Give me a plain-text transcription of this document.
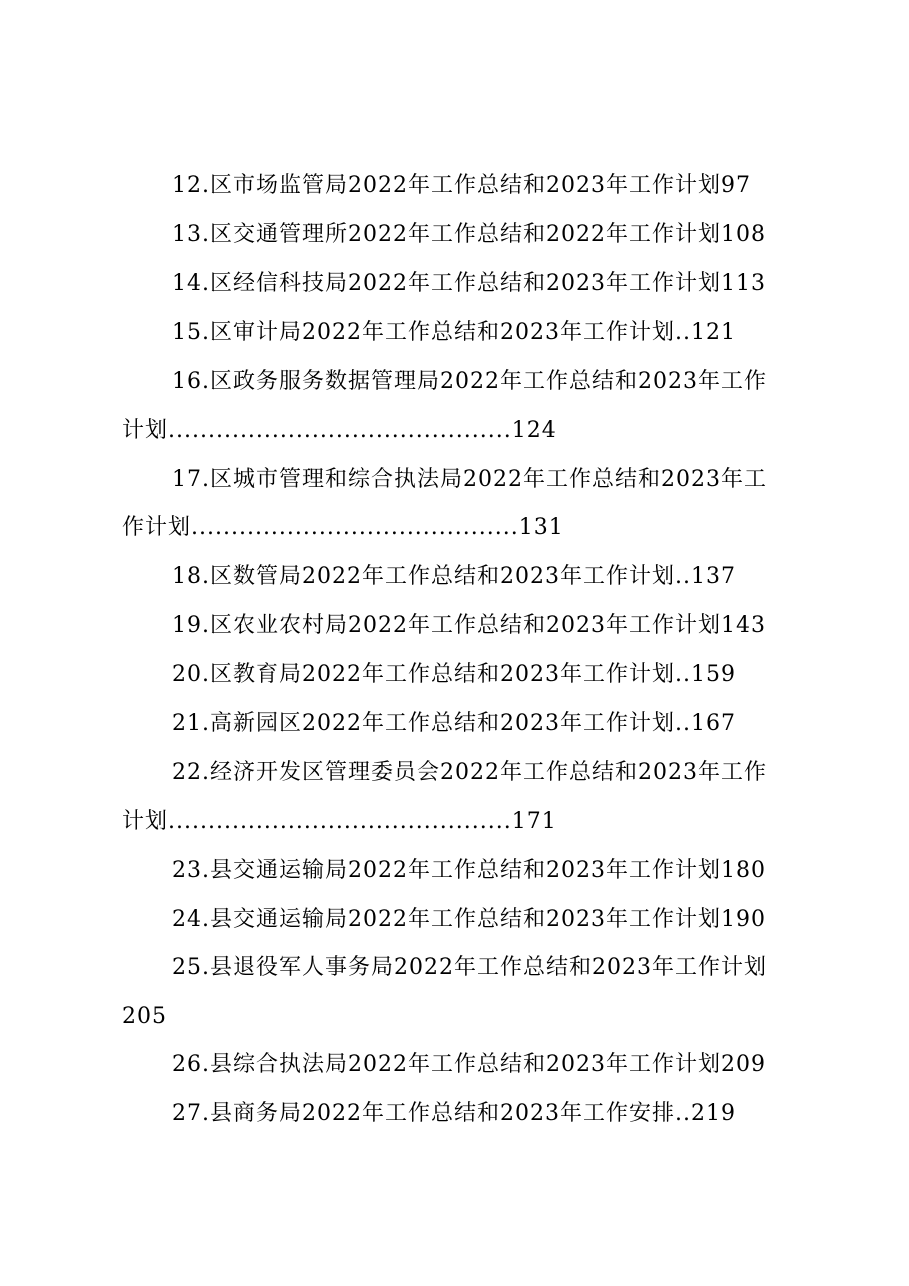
12.区市场监管局2022年工作总结和2023年工作计划97
13.区交通管理所2022年工作总结和2022年工作计划108
14.区经信科技局2022年工作总结和2023年工作计划113
15.区审计局2022年工作总结和2023年工作计划..121
16.区政务服务数据管理局2022年工作总结和2023年工作
计划...........................................124
17.区城市管理和综合执法局2022年工作总结和2023年工
作计划.........................................131
18.区数管局2022年工作总结和2023年工作计划..137
19.区农业农村局2022年工作总结和2023年工作计划143
20.区教育局2022年工作总结和2023年工作计划..159
21.高新园区2022年工作总结和2023年工作计划..167
22.经济开发区管理委员会2022年工作总结和2023年工作
计划...........................................171
23.县交通运输局2022年工作总结和2023年工作计划180
24.县交通运输局2022年工作总结和2023年工作计划190
25.县退役军人事务局2022年工作总结和2023年工作计划
205
26.县综合执法局2022年工作总结和2023年工作计划209
27.县商务局2022年工作总结和2023年工作安排..219
